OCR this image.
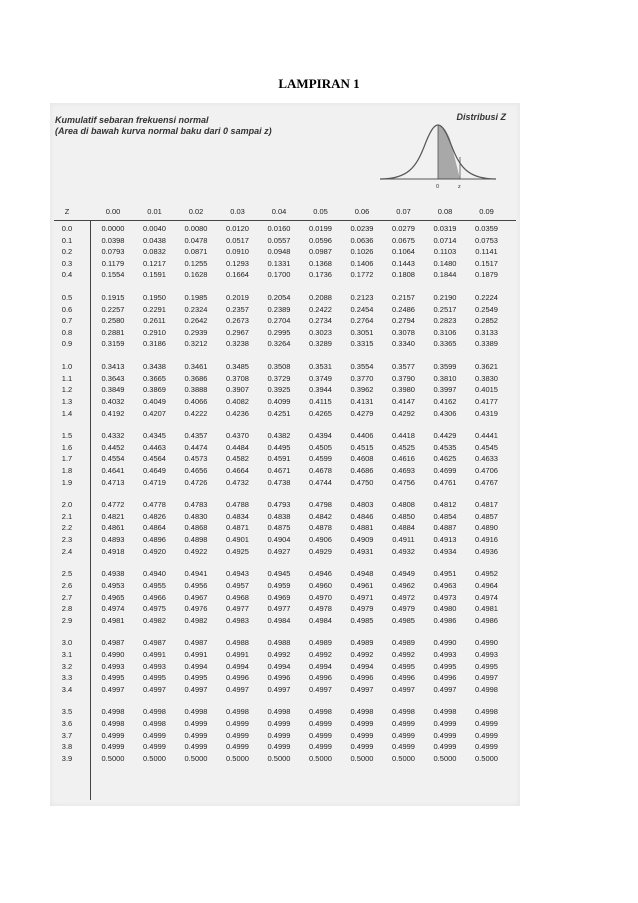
LAMPIRAN 1
Kumulatif sebaran frekuensi normal
(Area di bawah kurva normal baku dari 0 sampai z)
Distribusi Z
0	z
Z	0.00	0.01	0.02	0.03	0.04	0.05	0.06	0.07	0.08	0.09
0.0	0.0000	0.0040	0.0080	0.0120	0.0160	0.0199	0.0239	0.0279	0.0319	0.0359
0.1	0.0398	0.0438	0.0478	0.0517	0.0557	0.0596	0.0636	0.0675	0.0714	0.0753
0.2	0.0793	0.0832	0.0871	0.0910	0.0948	0.0987	0.1026	0.1064	0.1103	0.1141
0.3	0.1179	0.1217	0.1255	0.1293	0.1331	0.1368	0.1406	0.1443	0.1480	0.1517
0.4	0.1554	0.1591	0.1628	0.1664	0.1700	0.1736	0.1772	0.1808	0.1844	0.1879
0.5	0.1915	0.1950	0.1985	0.2019	0.2054	0.2088	0.2123	0.2157	0.2190	0.2224
0.6	0.2257	0.2291	0.2324	0.2357	0.2389	0.2422	0.2454	0.2486	0.2517	0.2549
0.7	0.2580	0.2611	0.2642	0.2673	0.2704	0.2734	0.2764	0.2794	0.2823	0.2852
0.8	0.2881	0.2910	0.2939	0.2967	0.2995	0.3023	0.3051	0.3078	0.3106	0.3133
0.9	0.3159	0.3186	0.3212	0.3238	0.3264	0.3289	0.3315	0.3340	0.3365	0.3389
1.0	0.3413	0.3438	0.3461	0.3485	0.3508	0.3531	0.3554	0.3577	0.3599	0.3621
1.1	0.3643	0.3665	0.3686	0.3708	0.3729	0.3749	0.3770	0.3790	0.3810	0.3830
1.2	0.3849	0.3869	0.3888	0.3907	0.3925	0.3944	0.3962	0.3980	0.3997	0.4015
1.3	0.4032	0.4049	0.4066	0.4082	0.4099	0.4115	0.4131	0.4147	0.4162	0.4177
1.4	0.4192	0.4207	0.4222	0.4236	0.4251	0.4265	0.4279	0.4292	0.4306	0.4319
1.5	0.4332	0.4345	0.4357	0.4370	0.4382	0.4394	0.4406	0.4418	0.4429	0.4441
1.6	0.4452	0.4463	0.4474	0.4484	0.4495	0.4505	0.4515	0.4525	0.4535	0.4545
1.7	0.4554	0.4564	0.4573	0.4582	0.4591	0.4599	0.4608	0.4616	0.4625	0.4633
1.8	0.4641	0.4649	0.4656	0.4664	0.4671	0.4678	0.4686	0.4693	0.4699	0.4706
1.9	0.4713	0.4719	0.4726	0.4732	0.4738	0.4744	0.4750	0.4756	0.4761	0.4767
2.0	0.4772	0.4778	0.4783	0.4788	0.4793	0.4798	0.4803	0.4808	0.4812	0.4817
2.1	0.4821	0.4826	0.4830	0.4834	0.4838	0.4842	0.4846	0.4850	0.4854	0.4857
2.2	0.4861	0.4864	0.4868	0.4871	0.4875	0.4878	0.4881	0.4884	0.4887	0.4890
2.3	0.4893	0.4896	0.4898	0.4901	0.4904	0.4906	0.4909	0.4911	0.4913	0.4916
2.4	0.4918	0.4920	0.4922	0.4925	0.4927	0.4929	0.4931	0.4932	0.4934	0.4936
2.5	0.4938	0.4940	0.4941	0.4943	0.4945	0.4946	0.4948	0.4949	0.4951	0.4952
2.6	0.4953	0.4955	0.4956	0.4957	0.4959	0.4960	0.4961	0.4962	0.4963	0.4964
2.7	0.4965	0.4966	0.4967	0.4968	0.4969	0.4970	0.4971	0.4972	0.4973	0.4974
2.8	0.4974	0.4975	0.4976	0.4977	0.4977	0.4978	0.4979	0.4979	0.4980	0.4981
2.9	0.4981	0.4982	0.4982	0.4983	0.4984	0.4984	0.4985	0.4985	0.4986	0.4986
3.0	0.4987	0.4987	0.4987	0.4988	0.4988	0.4989	0.4989	0.4989	0.4990	0.4990
3.1	0.4990	0.4991	0.4991	0.4991	0.4992	0.4992	0.4992	0.4992	0.4993	0.4993
3.2	0.4993	0.4993	0.4994	0.4994	0.4994	0.4994	0.4994	0.4995	0.4995	0.4995
3.3	0.4995	0.4995	0.4995	0.4996	0.4996	0.4996	0.4996	0.4996	0.4996	0.4997
3.4	0.4997	0.4997	0.4997	0.4997	0.4997	0.4997	0.4997	0.4997	0.4997	0.4998
3.5	0.4998	0.4998	0.4998	0.4998	0.4998	0.4998	0.4998	0.4998	0.4998	0.4998
3.6	0.4998	0.4998	0.4999	0.4999	0.4999	0.4999	0.4999	0.4999	0.4999	0.4999
3.7	0.4999	0.4999	0.4999	0.4999	0.4999	0.4999	0.4999	0.4999	0.4999	0.4999
3.8	0.4999	0.4999	0.4999	0.4999	0.4999	0.4999	0.4999	0.4999	0.4999	0.4999
3.9	0.5000	0.5000	0.5000	0.5000	0.5000	0.5000	0.5000	0.5000	0.5000	0.5000
